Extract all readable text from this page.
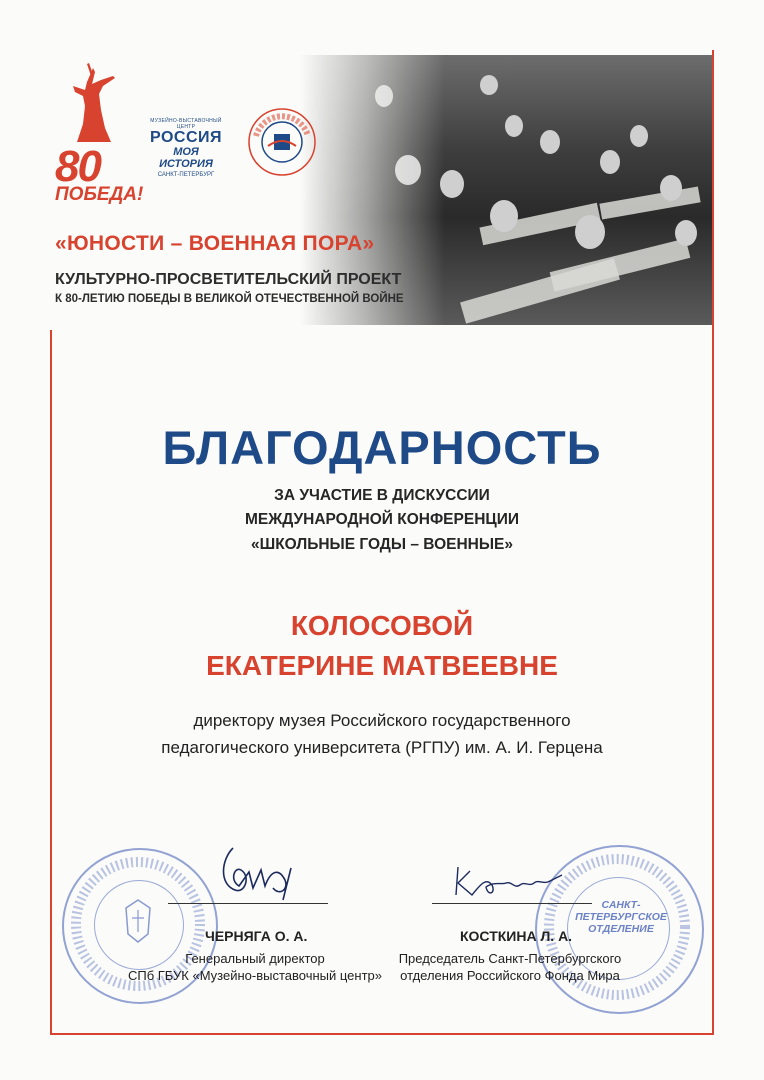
80
ПОБЕДА!
МУЗЕЙНО-ВЫСТАВОЧНЫЙ ЦЕНТР
РОССИЯ
МОЯ ИСТОРИЯ
САНКТ-ПЕТЕРБУРГ
«ЮНОСТИ – ВОЕННАЯ ПОРА»
КУЛЬТУРНО-ПРОСВЕТИТЕЛЬСКИЙ ПРОЕКТ
К 80-ЛЕТИЮ ПОБЕДЫ В ВЕЛИКОЙ ОТЕЧЕСТВЕННОЙ ВОЙНЕ
БЛАГОДАРНОСТЬ
ЗА УЧАСТИЕ В ДИСКУССИИ
МЕЖДУНАРОДНОЙ КОНФЕРЕНЦИИ
«ШКОЛЬНЫЕ ГОДЫ – ВОЕННЫЕ»
КОЛОСОВОЙ
ЕКАТЕРИНЕ МАТВЕЕВНЕ
директору музея Российского государственного
педагогического университета (РГПУ) им. А. И. Герцена
САНКТ-
ПЕТЕРБУРГСКОЕ
ОТДЕЛЕНИЕ
ЧЕРНЯГА О. А.
Генеральный директор
СПб ГБУК «Музейно-выставочный центр»
КОСТКИНА Л. А.
Председатель Санкт-Петербургского
отделения Российского Фонда Мира
